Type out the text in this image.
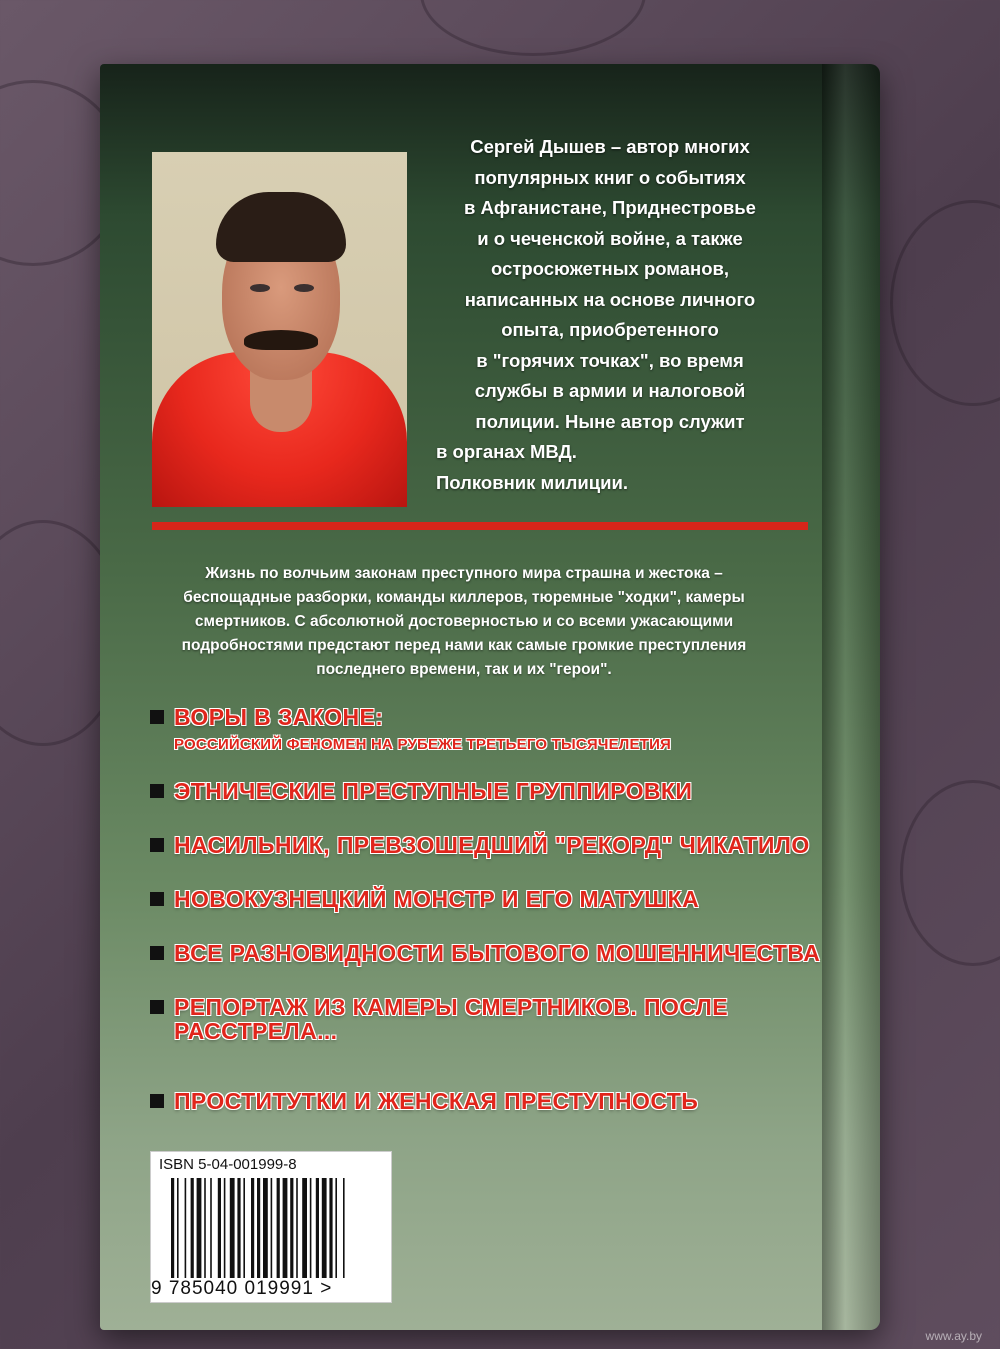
Сергей Дышев – автор многих
популярных книг о событиях
в Афганистане, Приднестровье
и о чеченской войне, а также
остросюжетных романов,
написанных на основе личного
опыта, приобретенного
в "горячих точках", во время
службы в армии и налоговой
полиции. Ныне автор служит
в органах МВД.
Полковник милиции.
Жизнь по волчьим законам преступного мира страшна и жестока –
беспощадные разборки, команды киллеров, тюремные "ходки", камеры
смертников. С абсолютной достоверностью и со всеми ужасающими
подробностями предстают перед нами как самые громкие преступления
последнего времени, так и их "герои".
ВОРЫ В ЗАКОНЕ:
РОССИЙСКИЙ ФЕНОМЕН НА РУБЕЖЕ ТРЕТЬЕГО ТЫСЯЧЕЛЕТИЯ
ЭТНИЧЕСКИЕ ПРЕСТУПНЫЕ ГРУППИРОВКИ
НАСИЛЬНИК, ПРЕВЗОШЕДШИЙ "РЕКОРД" ЧИКАТИЛО
НОВОКУЗНЕЦКИЙ МОНСТР И ЕГО МАТУШКА
ВСЕ РАЗНОВИДНОСТИ БЫТОВОГО МОШЕННИЧЕСТВА
РЕПОРТАЖ ИЗ КАМЕРЫ СМЕРТНИКОВ. ПОСЛЕ
РАССТРЕЛА...
ПРОСТИТУТКИ И ЖЕНСКАЯ ПРЕСТУПНОСТЬ
ISBN 5-04-001999-8
9 785040 019991 >
www.ay.by
